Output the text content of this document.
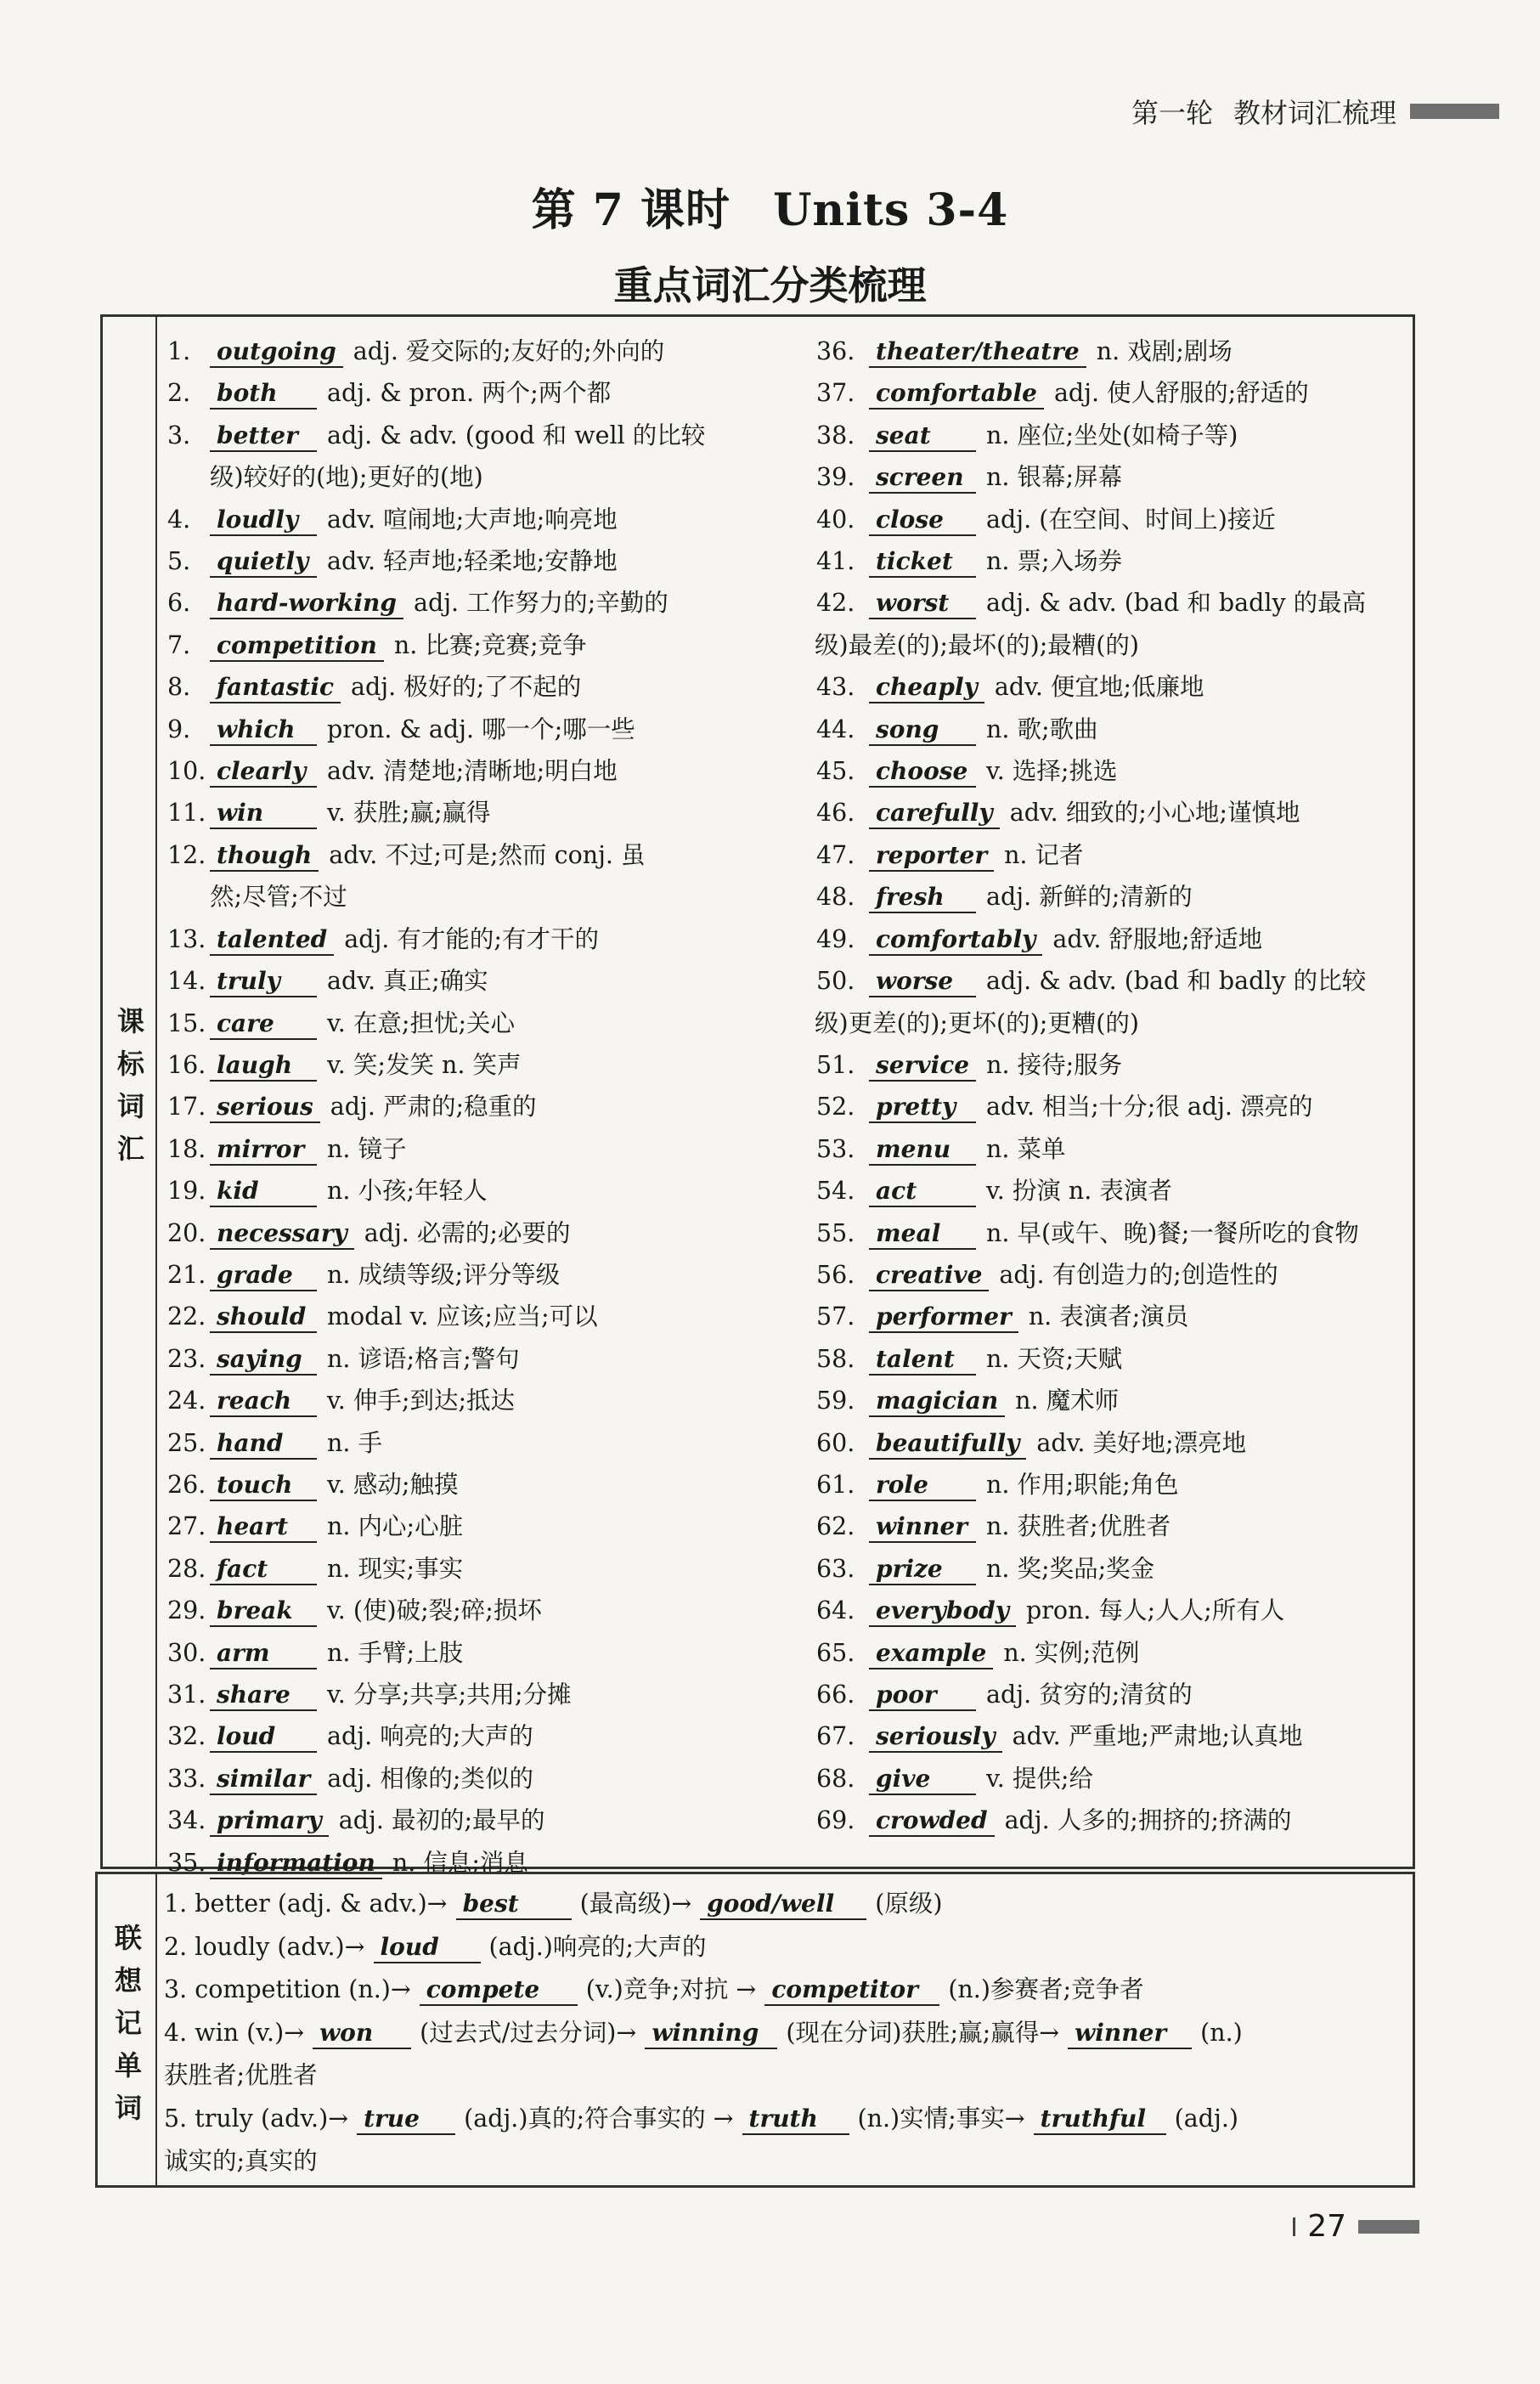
第一轮 教材词汇梳理
第 7 课时 Units 3-4
重点词汇分类梳理
课标词汇
1. outgoing adj. 爱交际的;友好的;外向的
2. both adj. & pron. 两个;两个都
3. better adj. & adv. (good 和 well 的比较
级)较好的(地);更好的(地)
4. loudly adv. 喧闹地;大声地;响亮地
5. quietly adv. 轻声地;轻柔地;安静地
6. hard-working adj. 工作努力的;辛勤的
7. competition n. 比赛;竞赛;竞争
8. fantastic adj. 极好的;了不起的
9. which pron. & adj. 哪一个;哪一些
10. clearly adv. 清楚地;清晰地;明白地
11. win	v. 获胜;赢;赢得
12. though adv. 不过;可是;然而 conj. 虽
然;尽管;不过
13. talented adj. 有才能的;有才干的
14. truly adv. 真正;确实
15. care v. 在意;担忧;关心
16. laugh v. 笑;发笑 n. 笑声
17. serious adj. 严肃的;稳重的
18. mirror n. 镜子
19. kid	n. 小孩;年轻人
20. necessary adj. 必需的;必要的
21. grade n. 成绩等级;评分等级
22. should modal v. 应该;应当;可以
23. saying n. 谚语;格言;警句
24. reach v. 伸手;到达;抵达
25. hand n. 手
26. touch v. 感动;触摸
27. heart n. 内心;心脏
28. fact n. 现实;事实
29. break v. (使)破;裂;碎;损坏
30. arm n. 手臂;上肢
31. share v. 分享;共享;共用;分摊
32. loud adj. 响亮的;大声的
33. similar adj. 相像的;类似的
34. primary adj. 最初的;最早的
35. information n. 信息;消息
36. theater/theatre n. 戏剧;剧场
37. comfortable adj. 使人舒服的;舒适的
38. seat n. 座位;坐处(如椅子等)
39. screen n. 银幕;屏幕
40. close adj. (在空间、时间上)接近
41. ticket n. 票;入场券
42. worst adj. & adv. (bad 和 badly 的最高
级)最差(的);最坏(的);最糟(的)
43. cheaply adv. 便宜地;低廉地
44. song n. 歌;歌曲
45. choose v. 选择;挑选
46. carefully adv. 细致的;小心地;谨慎地
47. reporter n. 记者
48. fresh adj. 新鲜的;清新的
49. comfortably adv. 舒服地;舒适地
50. worse adj. & adv. (bad 和 badly 的比较
级)更差(的);更坏(的);更糟(的)
51. service n. 接待;服务
52. pretty adv. 相当;十分;很 adj. 漂亮的
53. menu n. 菜单
54. act	v. 扮演 n. 表演者
55. meal n. 早(或午、晚)餐;一餐所吃的食物
56. creative adj. 有创造力的;创造性的
57. performer n. 表演者;演员
58. talent n. 天资;天赋
59. magician n. 魔术师
60. beautifully adv. 美好地;漂亮地
61. role n. 作用;职能;角色
62. winner n. 获胜者;优胜者
63. prize n. 奖;奖品;奖金
64. everybody pron. 每人;人人;所有人
65. example n. 实例;范例
66. poor adj. 贫穷的;清贫的
67. seriously adv. 严重地;严肃地;认真地
68. give v. 提供;给
69. crowded adj. 人多的;拥挤的;挤满的
联想记单词
1. better (adj. & adv.)→ best	(最高级)→ good/well (原级)
2. loudly (adv.)→ loud (adj.)响亮的;大声的
3. competition (n.)→ compete (v.)竞争;对抗 → competitor (n.)参赛者;竞争者
4. win (v.)→ won (过去式/过去分词)→ winning (现在分词)获胜;赢;赢得→ winner (n.)
获胜者;优胜者
5. truly (adv.)→ true (adj.)真的;符合事实的 → truth (n.)实情;事实→ truthful (adj.)
诚实的;真实的
27
